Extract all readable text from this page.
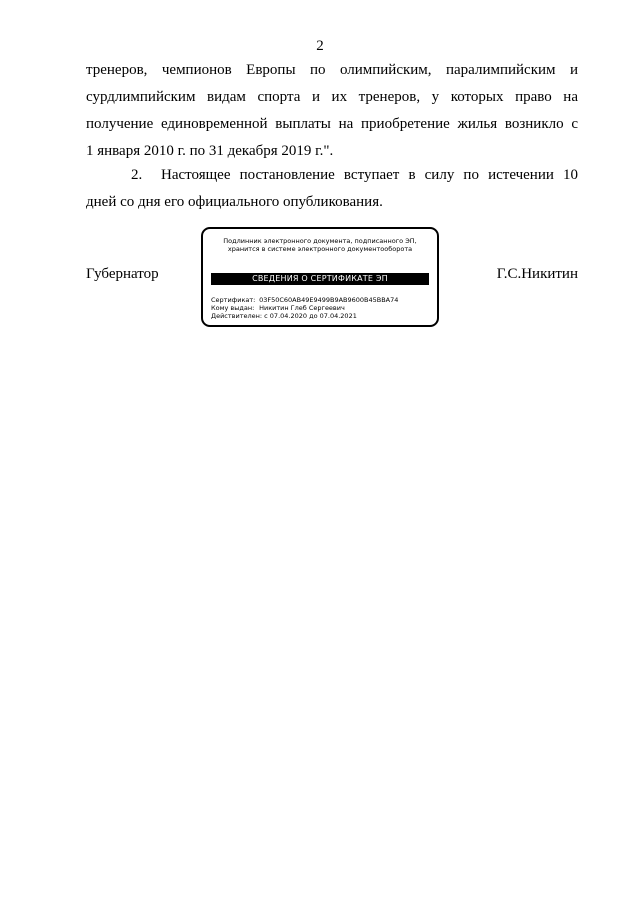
2
тренеров, чемпионов Европы по олимпийским, паралимпийским и
сурдлимпийским видам спорта и их тренеров, у которых право на
получение единовременной выплаты на приобретение жилья возникло с
1 января 2010 г. по 31 декабря 2019 г.".
2. Настоящее постановление вступает в силу по истечении 10
дней со дня его официального опубликования.
Губернатор	Г.С.Никитин
Подлинник электронного документа, подписанного ЭП,
хранится в системе электронного документооборота
СВЕДЕНИЯ О СЕРТИФИКАТЕ ЭП
Сертификат: 03F50C60AB49E9499B9AB9600B45BBA74
Кому выдан: Никитин Глеб Сергеевич
Действителен: с 07.04.2020 до 07.04.2021
